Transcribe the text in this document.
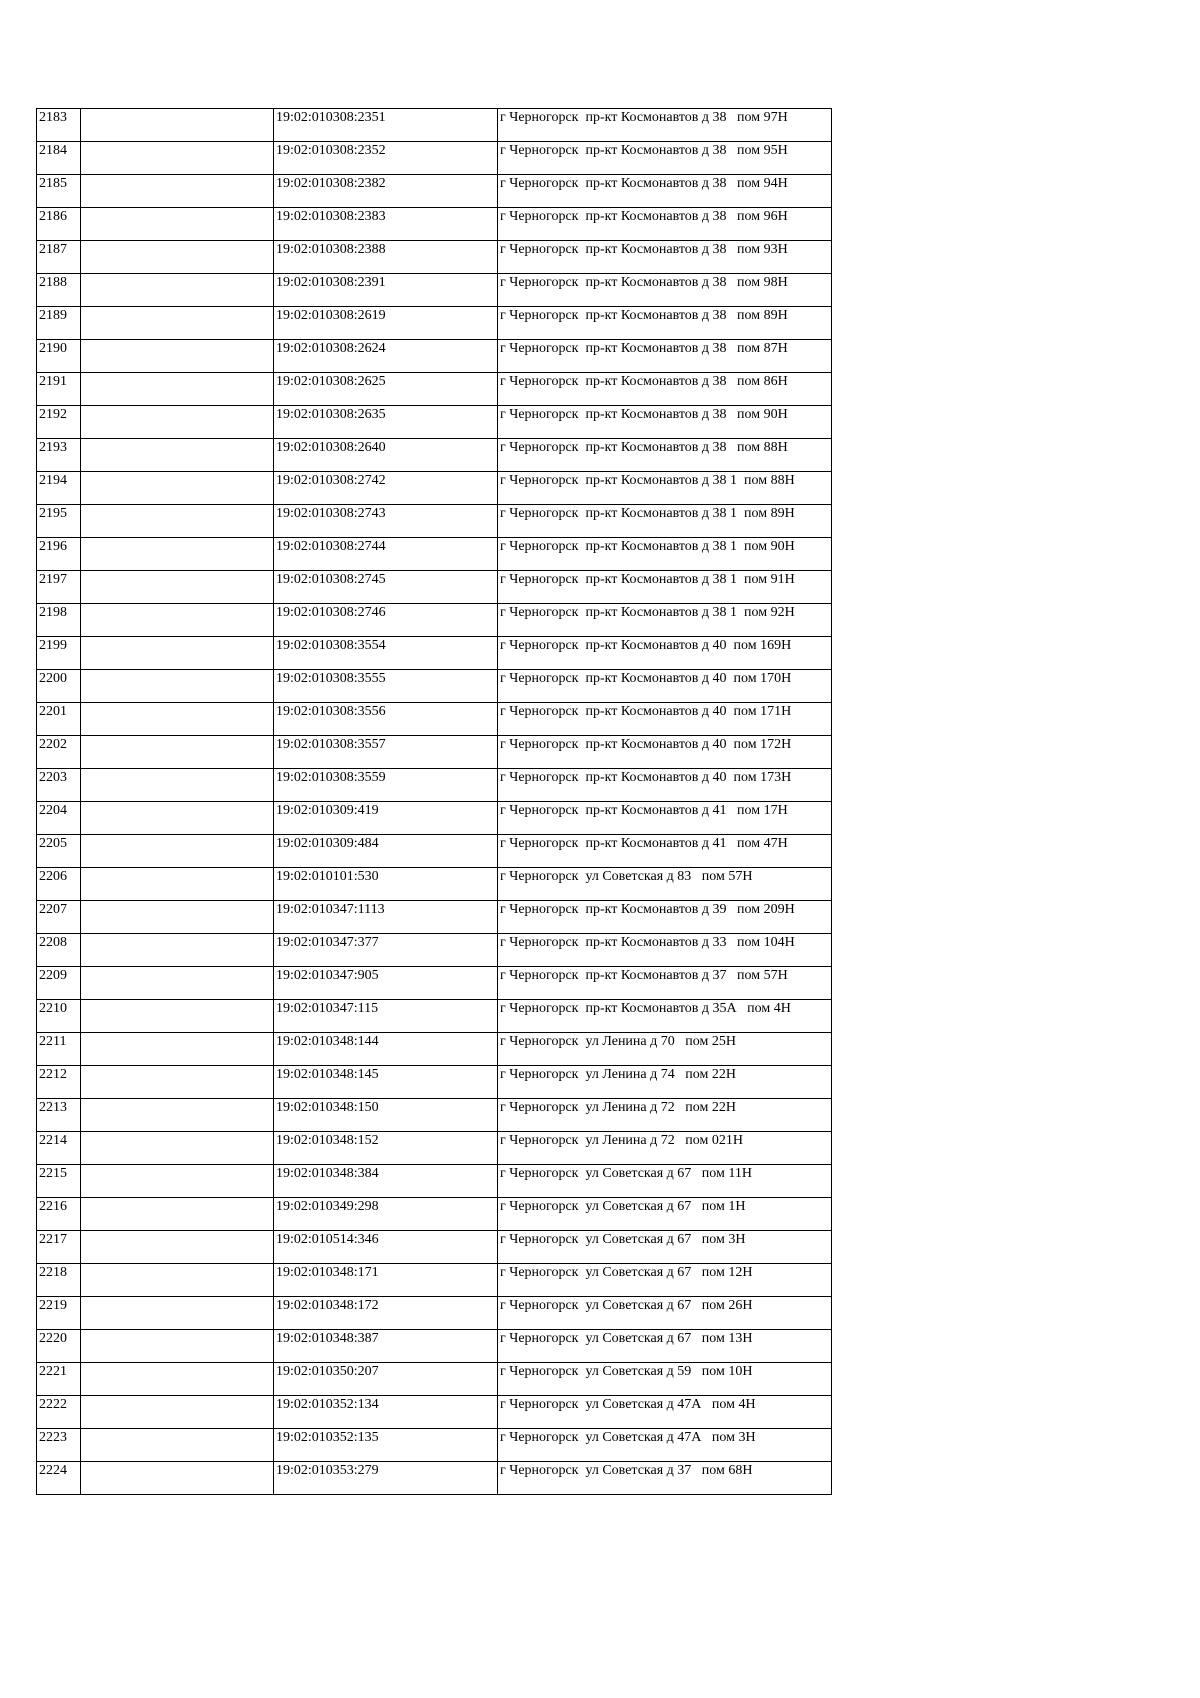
2183		19:02:010308:2351	г Черногорск  пр-кт Космонавтов д 38   пом 97Н
2184		19:02:010308:2352	г Черногорск  пр-кт Космонавтов д 38   пом 95Н
2185		19:02:010308:2382	г Черногорск  пр-кт Космонавтов д 38   пом 94Н
2186		19:02:010308:2383	г Черногорск  пр-кт Космонавтов д 38   пом 96Н
2187		19:02:010308:2388	г Черногорск  пр-кт Космонавтов д 38   пом 93Н
2188		19:02:010308:2391	г Черногорск  пр-кт Космонавтов д 38   пом 98Н
2189		19:02:010308:2619	г Черногорск  пр-кт Космонавтов д 38   пом 89Н
2190		19:02:010308:2624	г Черногорск  пр-кт Космонавтов д 38   пом 87Н
2191		19:02:010308:2625	г Черногорск  пр-кт Космонавтов д 38   пом 86Н
2192		19:02:010308:2635	г Черногорск  пр-кт Космонавтов д 38   пом 90Н
2193		19:02:010308:2640	г Черногорск  пр-кт Космонавтов д 38   пом 88Н
2194		19:02:010308:2742	г Черногорск  пр-кт Космонавтов д 38 1  пом 88Н
2195		19:02:010308:2743	г Черногорск  пр-кт Космонавтов д 38 1  пом 89Н
2196		19:02:010308:2744	г Черногорск  пр-кт Космонавтов д 38 1  пом 90Н
2197		19:02:010308:2745	г Черногорск  пр-кт Космонавтов д 38 1  пом 91Н
2198		19:02:010308:2746	г Черногорск  пр-кт Космонавтов д 38 1  пом 92Н
2199		19:02:010308:3554	г Черногорск  пр-кт Космонавтов д 40  пом 169Н
2200		19:02:010308:3555	г Черногорск  пр-кт Космонавтов д 40  пом 170Н
2201		19:02:010308:3556	г Черногорск  пр-кт Космонавтов д 40  пом 171Н
2202		19:02:010308:3557	г Черногорск  пр-кт Космонавтов д 40  пом 172Н
2203		19:02:010308:3559	г Черногорск  пр-кт Космонавтов д 40  пом 173Н
2204		19:02:010309:419	г Черногорск  пр-кт Космонавтов д 41   пом 17Н
2205		19:02:010309:484	г Черногорск  пр-кт Космонавтов д 41   пом 47Н
2206		19:02:010101:530	г Черногорск  ул Советская д 83   пом 57Н
2207		19:02:010347:1113	г Черногорск  пр-кт Космонавтов д 39   пом 209Н
2208		19:02:010347:377	г Черногорск  пр-кт Космонавтов д 33   пом 104Н
2209		19:02:010347:905	г Черногорск  пр-кт Космонавтов д 37   пом 57Н
2210		19:02:010347:115	г Черногорск  пр-кт Космонавтов д 35А   пом 4Н
2211		19:02:010348:144	г Черногорск  ул Ленина д 70   пом 25Н
2212		19:02:010348:145	г Черногорск  ул Ленина д 74   пом 22Н
2213		19:02:010348:150	г Черногорск  ул Ленина д 72   пом 22Н
2214		19:02:010348:152	г Черногорск  ул Ленина д 72   пом 021Н
2215		19:02:010348:384	г Черногорск  ул Советская д 67   пом 11Н
2216		19:02:010349:298	г Черногорск  ул Советская д 67   пом 1Н
2217		19:02:010514:346	г Черногорск  ул Советская д 67   пом 3Н
2218		19:02:010348:171	г Черногорск  ул Советская д 67   пом 12Н
2219		19:02:010348:172	г Черногорск  ул Советская д 67   пом 26Н
2220		19:02:010348:387	г Черногорск  ул Советская д 67   пом 13Н
2221		19:02:010350:207	г Черногорск  ул Советская д 59   пом 10Н
2222		19:02:010352:134	г Черногорск  ул Советская д 47А   пом 4Н
2223		19:02:010352:135	г Черногорск  ул Советская д 47А   пом 3Н
2224		19:02:010353:279	г Черногорск  ул Советская д 37   пом 68Н
